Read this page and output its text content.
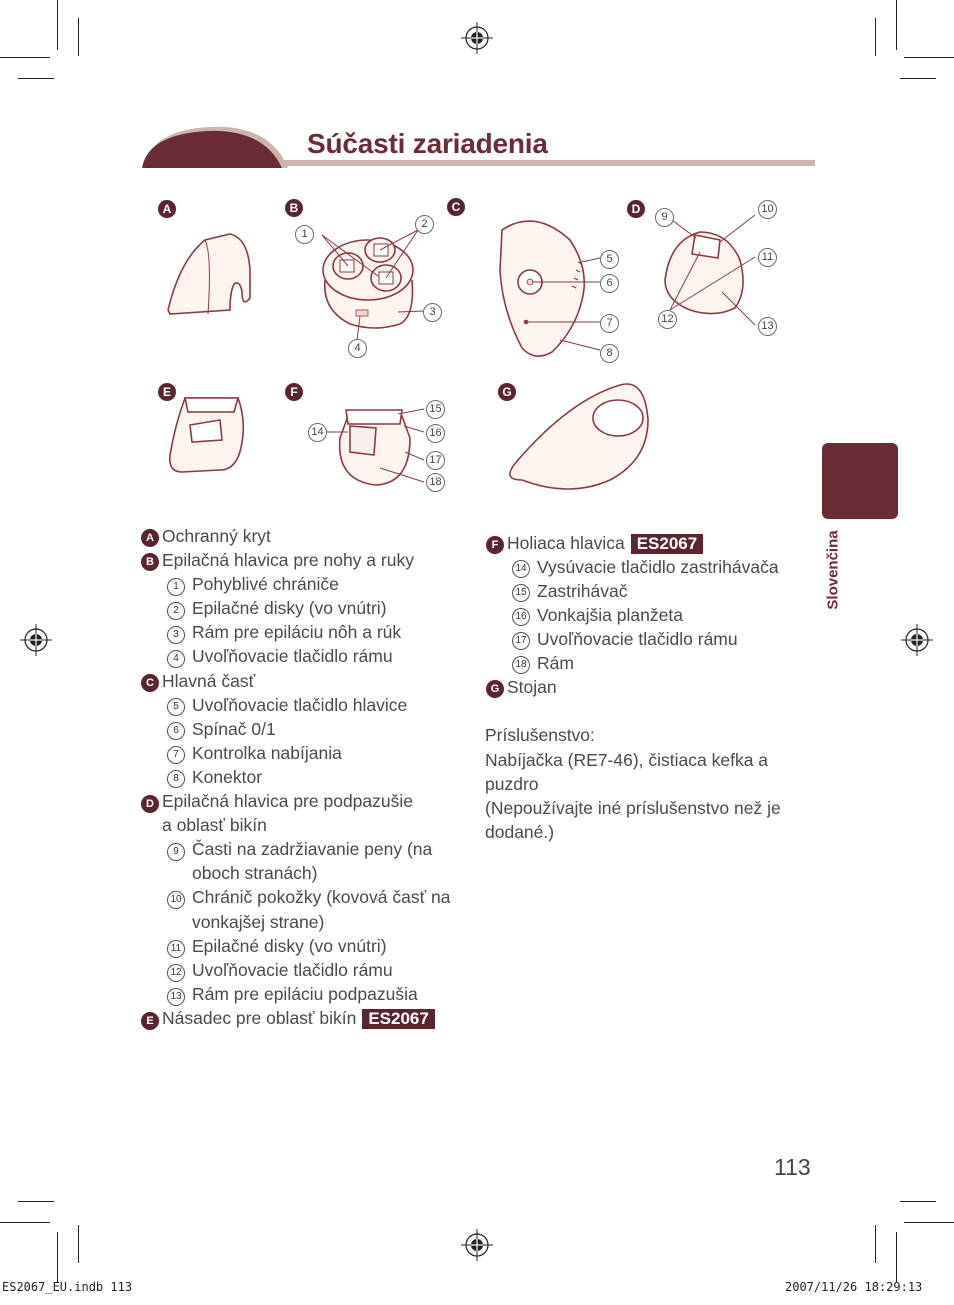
Súčasti zariadenia
A	B	C	D
E	F	G
1
2
3
4
5
6
7
8
9
10
11
12
13
14
15
16
17
18
A Ochranný kryt
B Epilačná hlavica pre nohy a ruky
1 Pohyblivé chrániče
2 Epilačné disky (vo vnútri)
3 Rám pre epiláciu nôh a rúk
4 Uvoľňovacie tlačidlo rámu
C Hlavná časť
5 Uvoľňovacie tlačidlo hlavice
6 Spínač 0/1
7 Kontrolka nabíjania
8 Konektor
D Epilačná hlavica pre podpazušie
a oblasť bikín
9 Časti na zadržiavanie peny (na
oboch stranách)
10 Chránič pokožky (kovová časť na
vonkajšej strane)
11 Epilačné disky (vo vnútri)
12 Uvoľňovacie tlačidlo rámu
13 Rám pre epiláciu podpazušia
E Násadec pre oblasť bikín ES2067
F Holiaca hlavica ES2067
14 Vysúvacie tlačidlo zastrihávača
15 Zastrihávač
16 Vonkajšia planžeta
17 Uvoľňovacie tlačidlo rámu
18 Rám
G Stojan
Príslušenstvo:
Nabíjačka (RE7-46), čistiaca kefka a
puzdro
(Nepoužívajte iné príslušenstvo než je
dodané.)
Slovenčina
113
ES2067_EU.indb 113	2007/11/26 18:29:13
